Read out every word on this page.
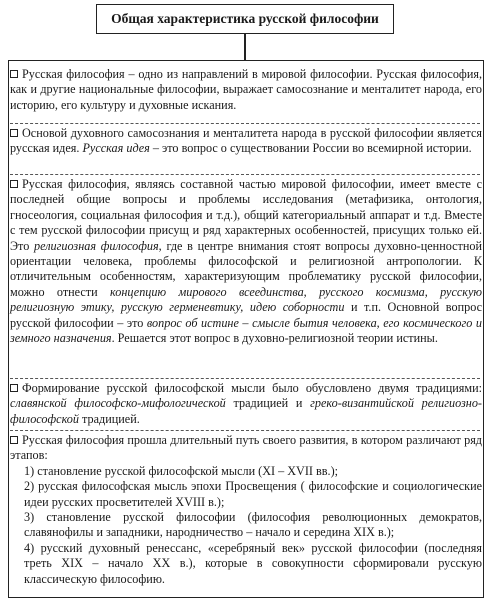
Общая характеристика русской философии

Русская философия – одно из направлений в мировой философии. Русская философия, как и другие национальные философии, выражает самосознание и менталитет народа, его историю, его культуру и духовные искания.

Основой духовного самосознания и менталитета народа в русской философии является русская идея. Русская идея – это вопрос о существовании России во всемирной истории.

Русская философия, являясь составной частью мировой философии, имеет вместе с последней общие вопросы и проблемы исследования (метафизика, онтология, гносеология, социальная философия и т.д.), общий категориальный аппарат и т.д. Вместе с тем русской философии присущ и ряд характерных особенностей, присущих только ей. Это религиозная философия, где в центре внимания стоят вопросы духовно-ценностной ориентации человека, проблемы философской и религиозной антропологии. К отличительным особенностям, характеризующим проблематику русской философии, можно отнести концепцию мирового всеединства, русского космизма, русскую религиозную этику, русскую герменевтику, идею соборности и т.п. Основной вопрос русской философии – это вопрос об истине – смысле бытия человека, его космического и земного назначения. Решается этот вопрос в духовно-религиозной теории истины.

Формирование русской философской мысли было обусловлено двумя традициями: славянской философско-мифологической традицией и греко-византийской религиозно-философской традицией.

Русская философия прошла длительный путь своего развития, в котором различают ряд этапов:

1) становление русской философской мысли (XI – XVII вв.);

2) русская философская мысль эпохи Просвещения ( философские и социологические идеи русских просветителей XVIII в.);

3) становление русской философии (философия революционных демократов, славянофилы и западники, народничество – начало и середина XIX в.);

4) русский духовный ренессанс, «серебряный век» русской философии (последняя треть XIX – начало XX в.), которые в совокупности сформировали русскую классическую философию.
